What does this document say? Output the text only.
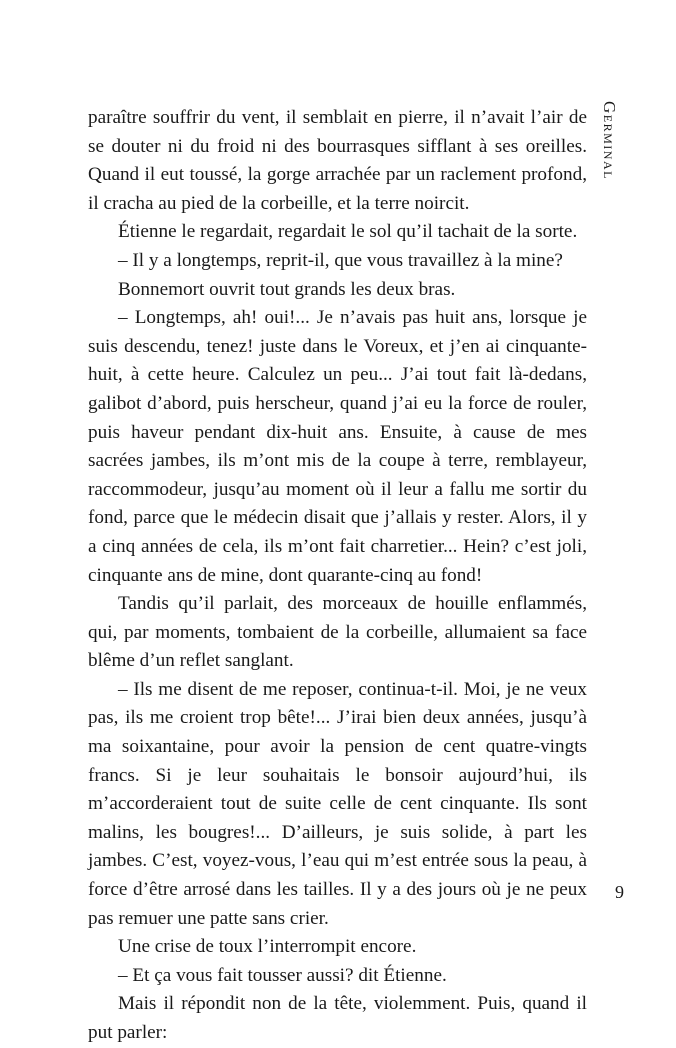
Germinal

paraître souffrir du vent, il semblait en pierre, il n’avait l’air de se douter ni du froid ni des bourrasques sifflant à ses oreilles. Quand il eut toussé, la gorge arrachée par un raclement profond, il cracha au pied de la corbeille, et la terre noircit.

Étienne le regardait, regardait le sol qu’il tachait de la sorte.

– Il y a longtemps, reprit-il, que vous travaillez à la mine?

Bonnemort ouvrit tout grands les deux bras.

– Longtemps, ah! oui!... Je n’avais pas huit ans, lorsque je suis descendu, tenez! juste dans le Voreux, et j’en ai cinquante-huit, à cette heure. Calculez un peu... J’ai tout fait là-dedans, galibot d’abord, puis herscheur, quand j’ai eu la force de rouler, puis haveur pendant dix-huit ans. Ensuite, à cause de mes sacrées jambes, ils m’ont mis de la coupe à terre, remblayeur, raccommodeur, jusqu’au moment où il leur a fallu me sortir du fond, parce que le médecin disait que j’allais y rester. Alors, il y a cinq années de cela, ils m’ont fait charretier... Hein? c’est joli, cinquante ans de mine, dont quarante-cinq au fond!

Tandis qu’il parlait, des morceaux de houille enflammés, qui, par moments, tombaient de la corbeille, allumaient sa face blême d’un reflet sanglant.

– Ils me disent de me reposer, continua-t-il. Moi, je ne veux pas, ils me croient trop bête!... J’irai bien deux années, jusqu’à ma soixantaine, pour avoir la pension de cent quatre-vingts francs. Si je leur souhaitais le bonsoir aujourd’hui, ils m’accorderaient tout de suite celle de cent cinquante. Ils sont malins, les bougres!... D’ailleurs, je suis solide, à part les jambes. C’est, voyez-vous, l’eau qui m’est entrée sous la peau, à force d’être arrosé dans les tailles. Il y a des jours où je ne peux pas remuer une patte sans crier.

Une crise de toux l’interrompit encore.

– Et ça vous fait tousser aussi? dit Étienne.

Mais il répondit non de la tête, violemment. Puis, quand il put parler:

9
